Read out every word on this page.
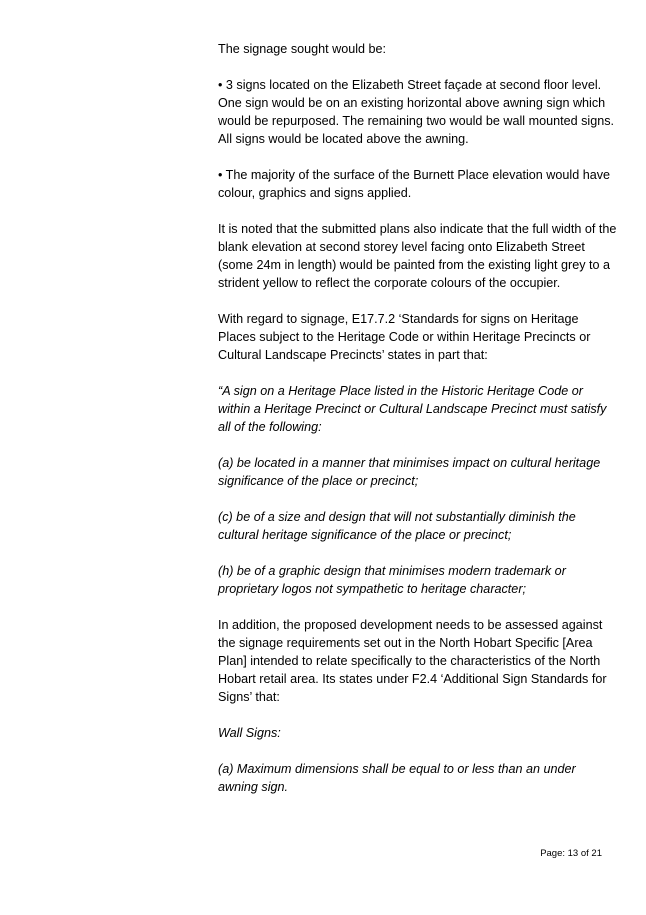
The signage sought would be:

• 3 signs located on the Elizabeth Street façade at second floor level. One sign would be on an existing horizontal above awning sign which would be repurposed. The remaining two would be wall mounted signs. All signs would be located above the awning.

• The majority of the surface of the Burnett Place elevation would have colour, graphics and signs applied.

It is noted that the submitted plans also indicate that the full width of the blank elevation at second storey level facing onto Elizabeth Street (some 24m in length) would be painted from the existing light grey to a strident yellow to reflect the corporate colours of the occupier.

With regard to signage, E17.7.2 ‘Standards for signs on Heritage Places subject to the Heritage Code or within Heritage Precincts or Cultural Landscape Precincts’ states in part that:

“A sign on a Heritage Place listed in the Historic Heritage Code or within a Heritage Precinct or Cultural Landscape Precinct must satisfy all of the following:

(a) be located in a manner that minimises impact on cultural heritage significance of the place or precinct;

(c) be of a size and design that will not substantially diminish the cultural heritage significance of the place or precinct;

(h) be of a graphic design that minimises modern trademark or proprietary logos not sympathetic to heritage character;

In addition, the proposed development needs to be assessed against the signage requirements set out in the North Hobart Specific [Area Plan] intended to relate specifically to the characteristics of the North Hobart retail area. Its states under F2.4 ‘Additional Sign Standards for Signs’ that:

Wall Signs:

(a) Maximum dimensions shall be equal to or less than an under awning sign.

Page: 13 of 21
